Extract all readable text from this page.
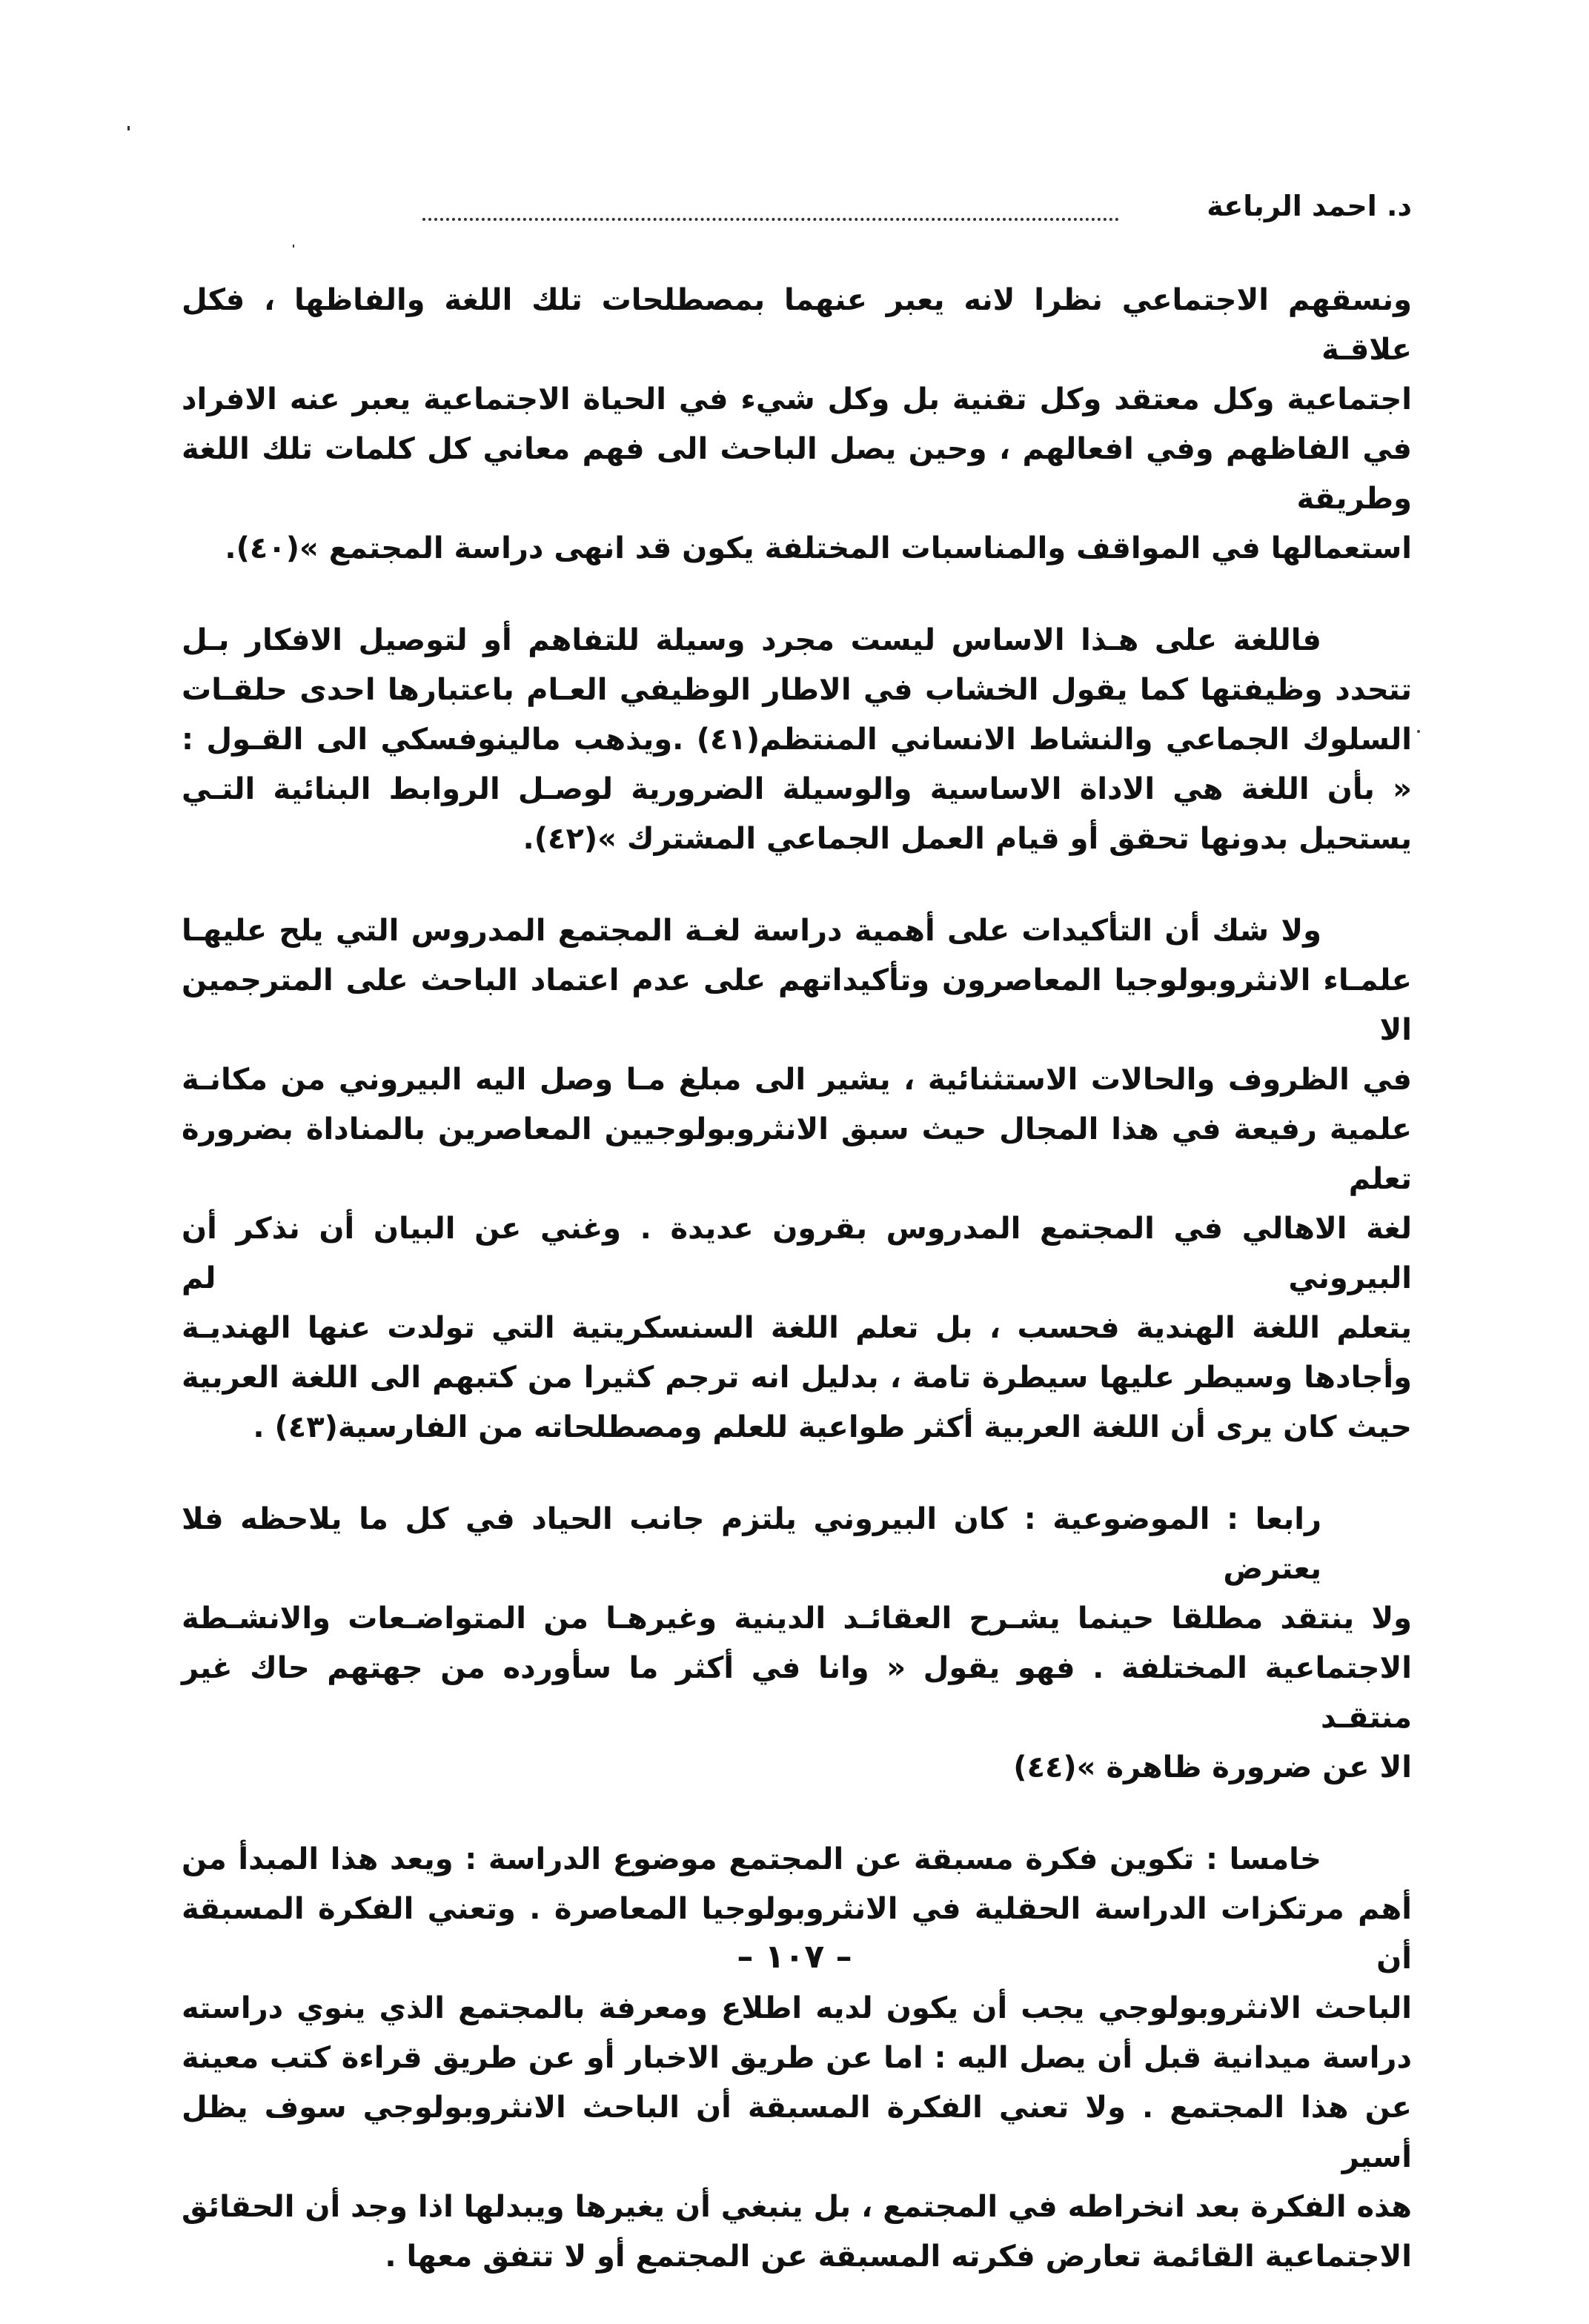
د. احمد الرباعة

ونسقهم الاجتماعي نظرا لانه يعبر عنهما بمصطلحات تلك اللغة والفاظها ، فكل علاقـة
اجتماعية وكل معتقد وكل تقنية بل وكل شيء في الحياة الاجتماعية يعبر عنه الافراد
في الفاظهم وفي افعالهم ، وحين يصل الباحث الى فهم معاني كل كلمات تلك اللغة وطريقة
استعمالها في المواقف والمناسبات المختلفة يكون قد انهى دراسة المجتمع »(٤٠).

فاللغة على هـذا الاساس ليست مجرد وسيلة للتفاهم أو لتوصيل الافكار بـل
تتحدد وظيفتها كما يقول الخشاب في الاطار الوظيفي العـام باعتبارها احدى حلقـات
السلوك الجماعي والنشاط الانساني المنتظم(٤١) .ويذهب مالينوفسكي الى القـول :
« بأن اللغة هي الاداة الاساسية والوسيلة الضرورية لوصـل الروابط البنائية التـي
يستحيل بدونها تحقق أو قيام العمل الجماعي المشترك »(٤٢).

ولا شك أن التأكيدات على أهمية دراسة لغـة المجتمع المدروس التي يلح عليهـا
علمـاء الانثروبولوجيا المعاصرون وتأكيداتهم على عدم اعتماد الباحث على المترجمين الا
في الظروف والحالات الاستثنائية ، يشير الى مبلغ مـا وصل اليه البيروني من مكانـة
علمية رفيعة في هذا المجال حيث سبق الانثروبولوجيين المعاصرين بالمناداة بضرورة تعلم
لغة الاهالي في المجتمع المدروس بقرون عديدة . وغني عن البيان أن نذكر أن البيروني لم
يتعلم اللغة الهندية فحسب ، بل تعلم اللغة السنسكريتية التي تولدت عنها الهنديـة
وأجادها وسيطر عليها سيطرة تامة ، بدليل انه ترجم كثيرا من كتبهم الى اللغة العربية
حيث كان يرى أن اللغة العربية أكثر طواعية للعلم ومصطلحاته من الفارسية(٤٣) .

رابعا : الموضوعية : كان البيروني يلتزم جانب الحياد في كل ما يلاحظه فلا يعترض
ولا ينتقد مطلقا حينما يشـرح العقائـد الدينية وغيرهـا من المتواضـعات والانشـطة
الاجتماعية المختلفة . فهو يقول « وانا في أكثر ما سأورده من جهتهم حاك غير منتقـد
الا عن ضرورة ظاهرة »(٤٤)

خامسا : تكوين فكرة مسبقة عن المجتمع موضوع الدراسة : ويعد هذا المبدأ من
أهم مرتكزات الدراسة الحقلية في الانثروبولوجيا المعاصرة . وتعني الفكرة المسبقة أن
الباحث الانثروبولوجي يجب أن يكون لديه اطلاع ومعرفة بالمجتمع الذي ينوي دراسته
دراسة ميدانية قبل أن يصل اليه : اما عن طريق الاخبار أو عن طريق قراءة كتب معينة
عن هذا المجتمع . ولا تعني الفكرة المسبقة أن الباحث الانثروبولوجي سوف يظل أسير
هذه الفكرة بعد انخراطه في المجتمع ، بل ينبغي أن يغيرها ويبدلها اذا وجد أن الحقائق
الاجتماعية القائمة تعارض فكرته المسبقة عن المجتمع أو لا تتفق معها .

– ١٠٧ –
